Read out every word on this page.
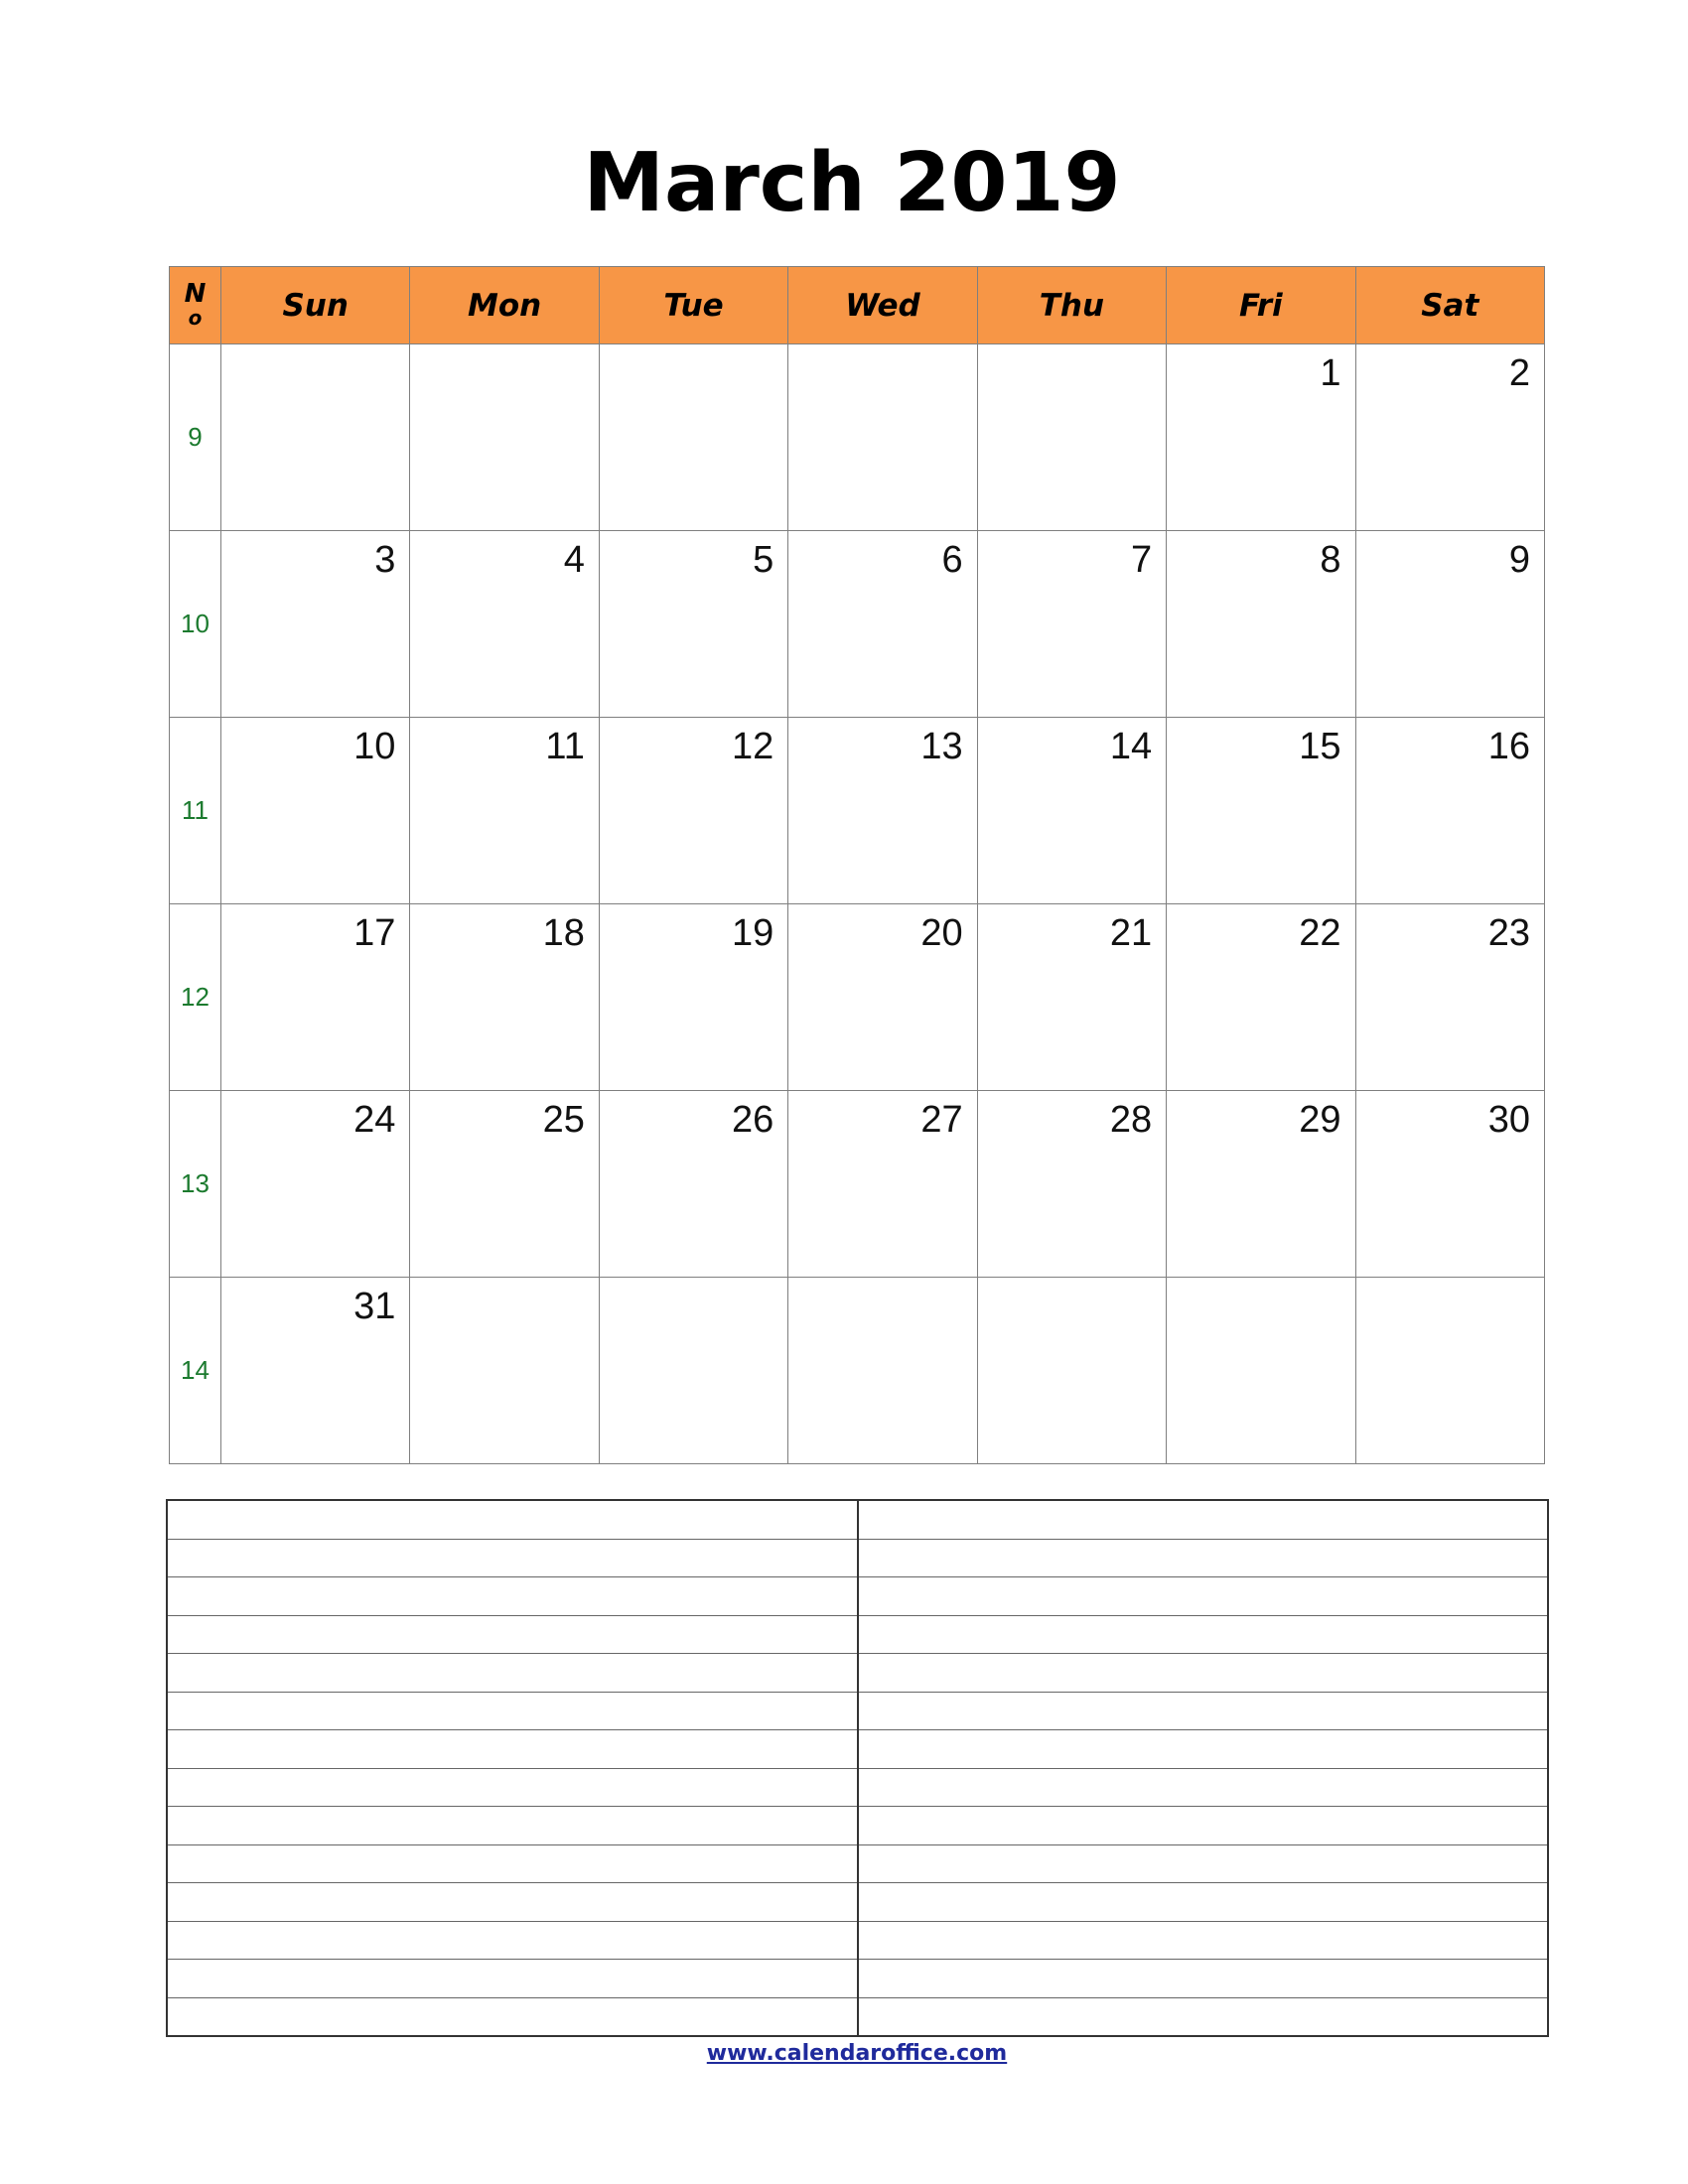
March 2019
N
o	Sun	Mon	Tue	Wed	Thu	Fri	Sat
9						1	2

10	3	4	5	6	7	8	9

11	10	11	12	13	14	15	16

12	17	18	19	20	21	22	23

13	24	25	26	27	28	29	30

14	31						

www.calendaroffice.com
